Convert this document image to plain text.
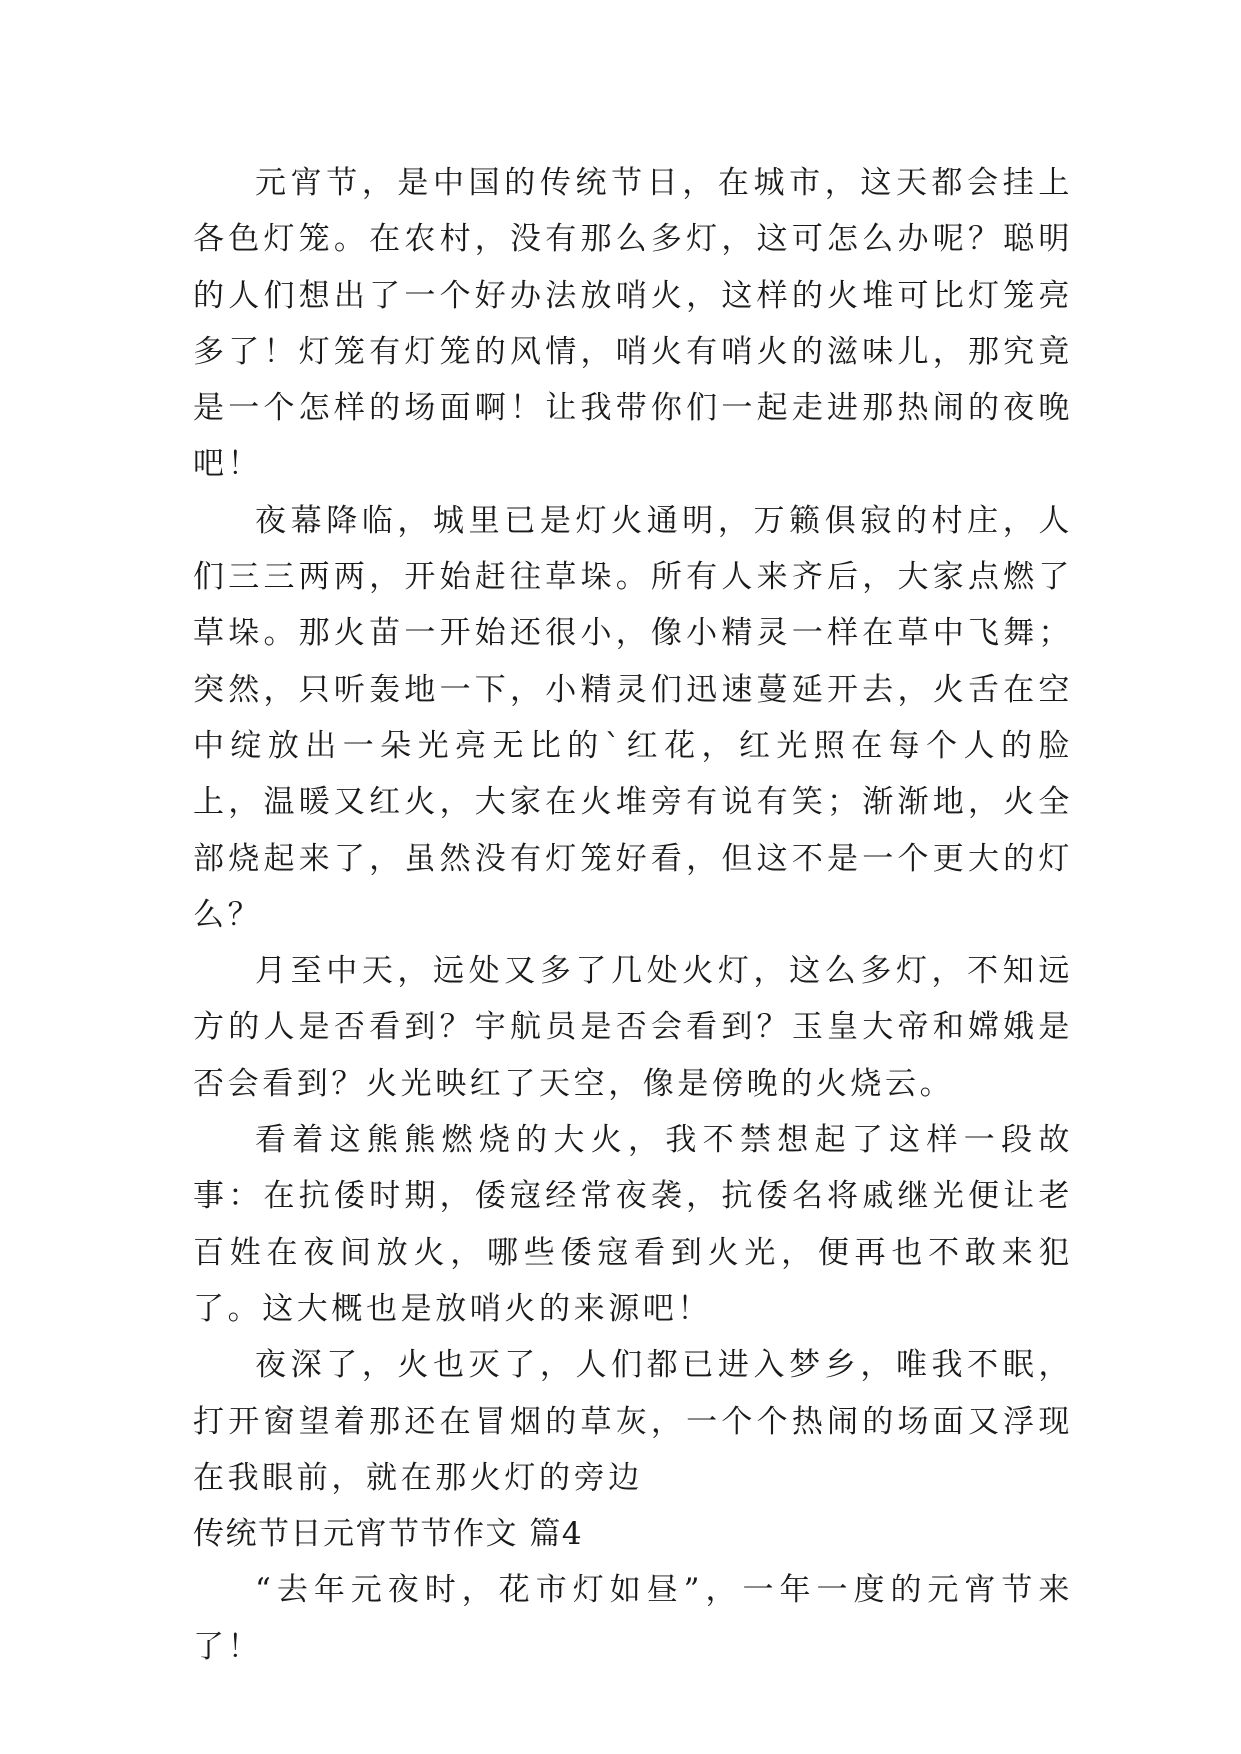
元宵节，是中国的传统节日，在城市，这天都会挂上各色灯笼。在农村，没有那么多灯，这可怎么办呢？聪明的人们想出了一个好办法放哨火，这样的火堆可比灯笼亮多了！灯笼有灯笼的风情，哨火有哨火的滋味儿，那究竟是一个怎样的场面啊！让我带你们一起走进那热闹的夜晚吧！

夜幕降临，城里已是灯火通明，万籁俱寂的村庄，人们三三两两，开始赶往草垛。所有人来齐后，大家点燃了草垛。那火苗一开始还很小，像小精灵一样在草中飞舞；突然，只听轰地一下，小精灵们迅速蔓延开去，火舌在空中绽放出一朵光亮无比的`红花，红光照在每个人的脸上，温暖又红火，大家在火堆旁有说有笑；渐渐地，火全部烧起来了，虽然没有灯笼好看，但这不是一个更大的灯么？

月至中天，远处又多了几处火灯，这么多灯，不知远方的人是否看到？宇航员是否会看到？玉皇大帝和嫦娥是否会看到？火光映红了天空，像是傍晚的火烧云。

看着这熊熊燃烧的大火，我不禁想起了这样一段故事：在抗倭时期，倭寇经常夜袭，抗倭名将戚继光便让老百姓在夜间放火，哪些倭寇看到火光，便再也不敢来犯了。这大概也是放哨火的来源吧！

夜深了，火也灭了，人们都已进入梦乡，唯我不眠，打开窗望着那还在冒烟的草灰，一个个热闹的场面又浮现在我眼前，就在那火灯的旁边

传统节日元宵节节作文 篇4

“去年元夜时，花市灯如昼”，一年一度的元宵节来了！
